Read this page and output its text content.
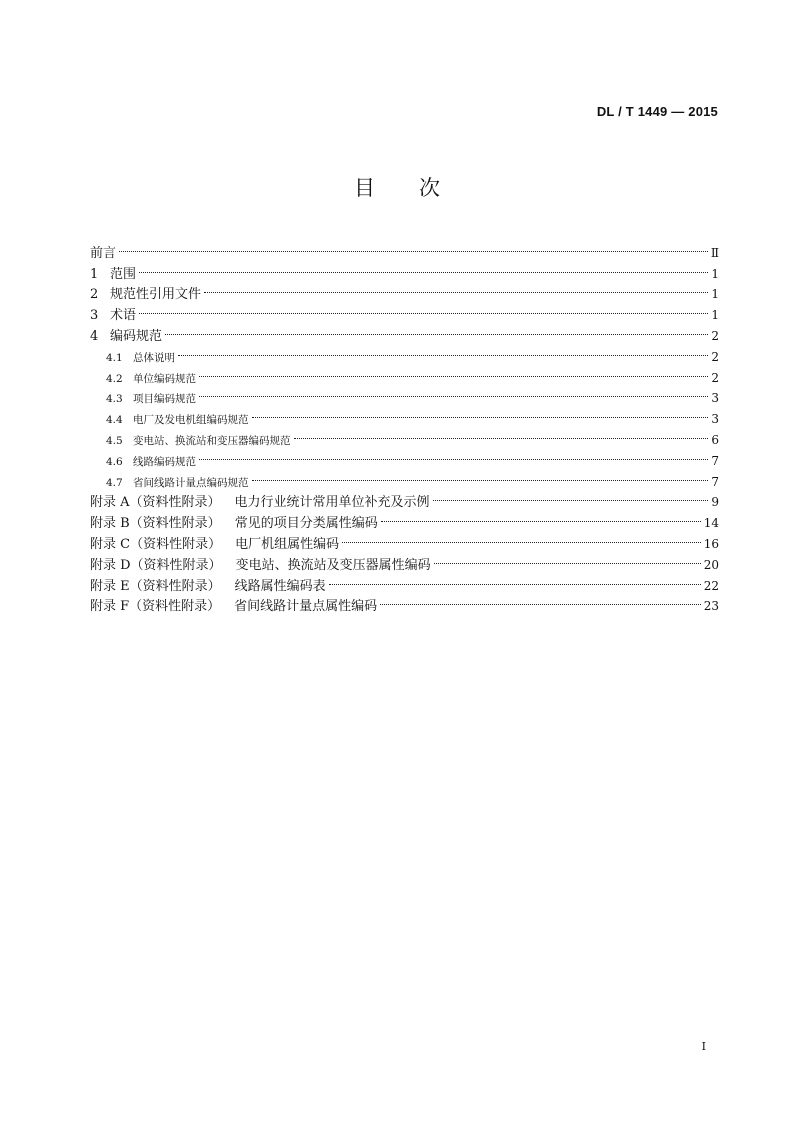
DL / T 1449 — 2015
目次
前言	Ⅱ
1 范围	1
2 规范性引用文件	1
3 术语	1
4 编码规范	2
4.1 总体说明	2
4.2 单位编码规范	2
4.3 项目编码规范	3
4.4 电厂及发电机组编码规范	3
4.5 变电站、换流站和变压器编码规范	6
4.6 线路编码规范	7
4.7 省间线路计量点编码规范	7
附录 A（资料性附录） 电力行业统计常用单位补充及示例	9
附录 B（资料性附录） 常见的项目分类属性编码	14
附录 C（资料性附录） 电厂机组属性编码	16
附录 D（资料性附录） 变电站、换流站及变压器属性编码	20
附录 E（资料性附录） 线路属性编码表	22
附录 F（资料性附录） 省间线路计量点属性编码	23
I
